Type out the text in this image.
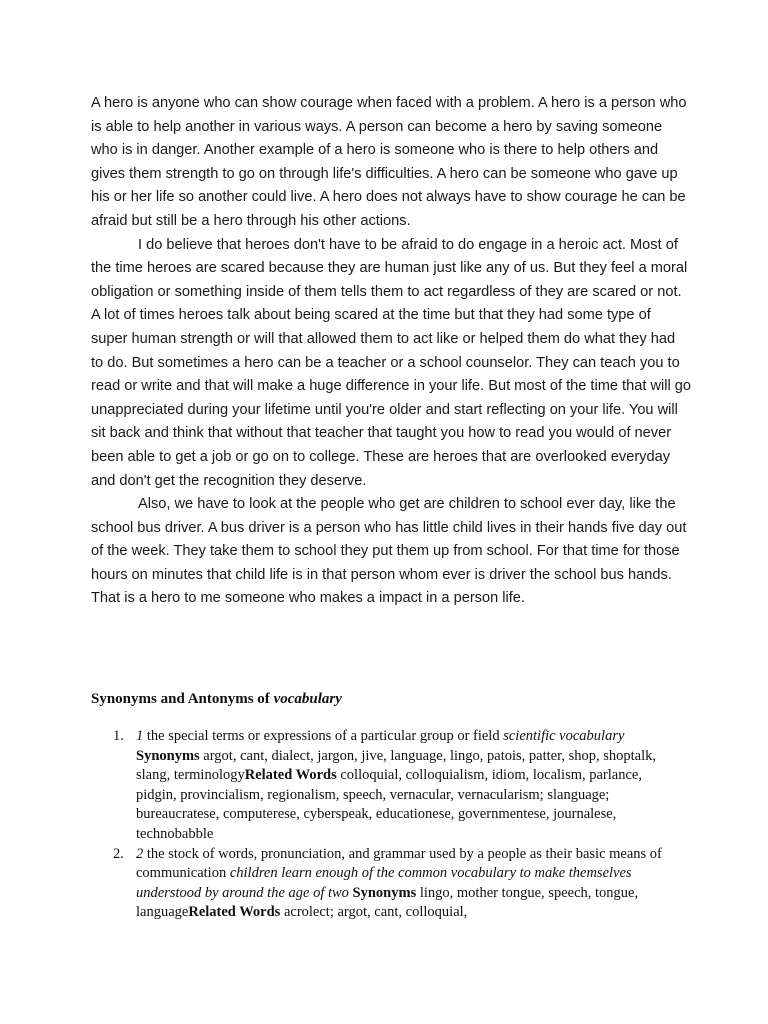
A hero is anyone who can show courage when faced with a problem. A hero is a person who is able to help another in various ways. A person can become a hero by saving someone who is in danger. Another example of a hero is someone who is there to help others and gives them strength to go on through life's difficulties. A hero can be someone who gave up his or her life so another could live. A hero does not always have to show courage he can be afraid but still be a hero through his other actions.

I do believe that heroes don't have to be afraid to do engage in a heroic act. Most of the time heroes are scared because they are human just like any of us. But they feel a moral obligation or something inside of them tells them to act regardless of they are scared or not. A lot of times heroes talk about being scared at the time but that they had some type of super human strength or will that allowed them to act like or helped them do what they had to do. But sometimes a hero can be a teacher or a school counselor. They can teach you to read or write and that will make a huge difference in your life. But most of the time that will go unappreciated during your lifetime until you're older and start reflecting on your life. You will sit back and think that without that teacher that taught you how to read you would of never been able to get a job or go on to college. These are heroes that are overlooked everyday and don't get the recognition they deserve.

Also, we have to look at the people who get are children to school ever day, like the school bus driver. A bus driver is a person who has little child lives in their hands five day out of the week. They take them to school they put them up from school. For that time for those hours on minutes that child life is in that person whom ever is driver the school bus hands. That is a hero to me someone who makes a impact in a person life.

Synonyms and Antonyms of vocabulary
1. 1 the special terms or expressions of a particular group or field scientific vocabulary Synonyms argot, cant, dialect, jargon, jive, language, lingo, patois, patter, shop, shoptalk, slang, terminologyRelated Words colloquial, colloquialism, idiom, localism, parlance, pidgin, provincialism, regionalism, speech, vernacular, vernacularism; slanguage; bureaucratese, computerese, cyberspeak, educationese, governmentese, journalese, technobabble
2. 2 the stock of words, pronunciation, and grammar used by a people as their basic means of communication children learn enough of the common vocabulary to make themselves understood by around the age of two Synonyms lingo, mother tongue, speech, tongue, languageRelated Words acrolect; argot, cant, colloquial,
